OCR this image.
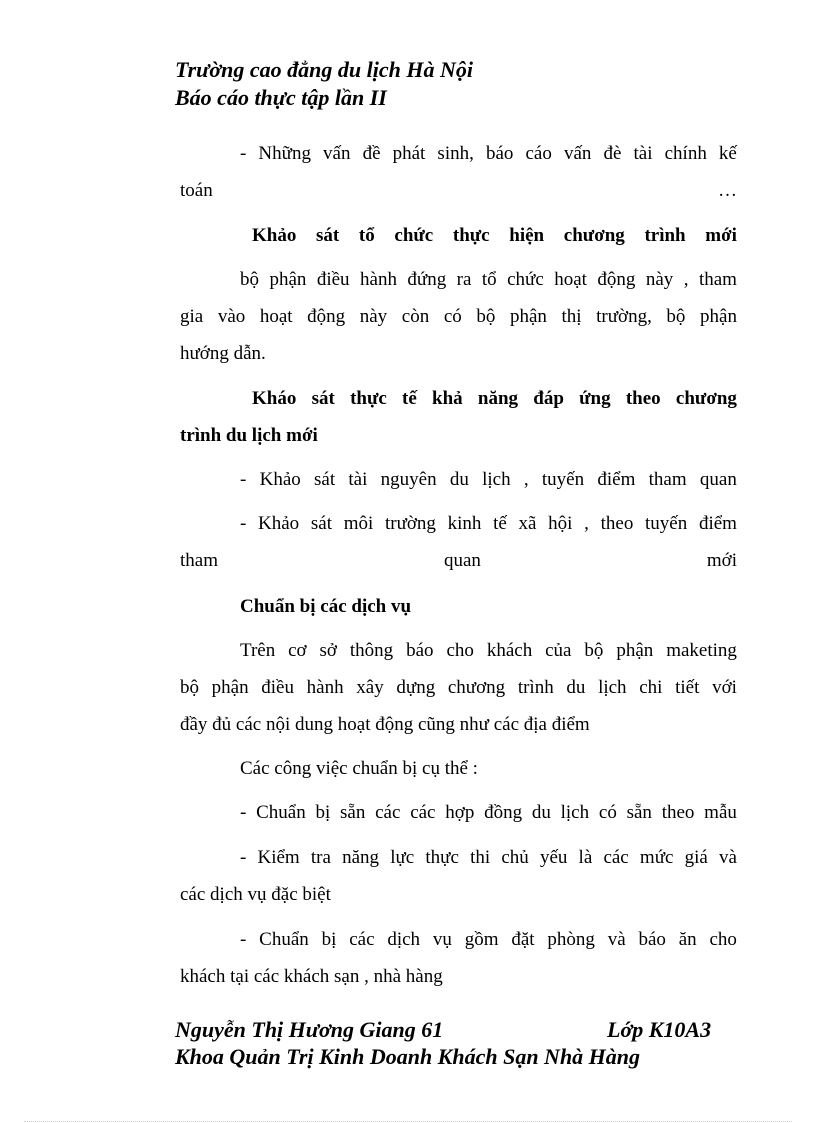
Trường cao đẳng du lịch Hà Nội
Báo cáo thực tập lần II
- Những vấn đề phát sinh, báo cáo vấn đè tài chính kế
toán	…
Khảo sát tổ chức thực hiện chương trình mới
bộ phận điều hành đứng ra tổ chức hoạt động này , tham
gia vào hoạt động này còn có bộ phận thị trường, bộ phận
hướng dẫn.
Kháo sát thực tế khả năng đáp ứng theo chương
trình du lịch mới
- Khảo sát tài nguyên du lịch , tuyến điểm tham quan
- Khảo sát môi trường kinh tế xã hội , theo tuyến điểm
tham	quan	mới
Chuẩn bị các dịch vụ
Trên cơ sở thông báo cho khách của bộ phận maketing
bộ phận điều hành xây dựng chương trình du lịch chi tiết với
đầy đủ các nội dung hoạt động cũng như các địa điểm
Các công việc chuẩn bị cụ thể :
- Chuẩn bị sẵn các các hợp đồng du lịch có sẵn theo mẫu
- Kiểm tra năng lực thực thi chủ yếu là các mức giá và
các dịch vụ đặc biệt
- Chuẩn bị các dịch vụ gồm đặt phòng và báo ăn cho
khách tại các khách sạn , nhà hàng
Nguyễn Thị Hương Giang 61	Lớp K10A3
Khoa Quản Trị Kinh Doanh Khách Sạn Nhà Hàng
